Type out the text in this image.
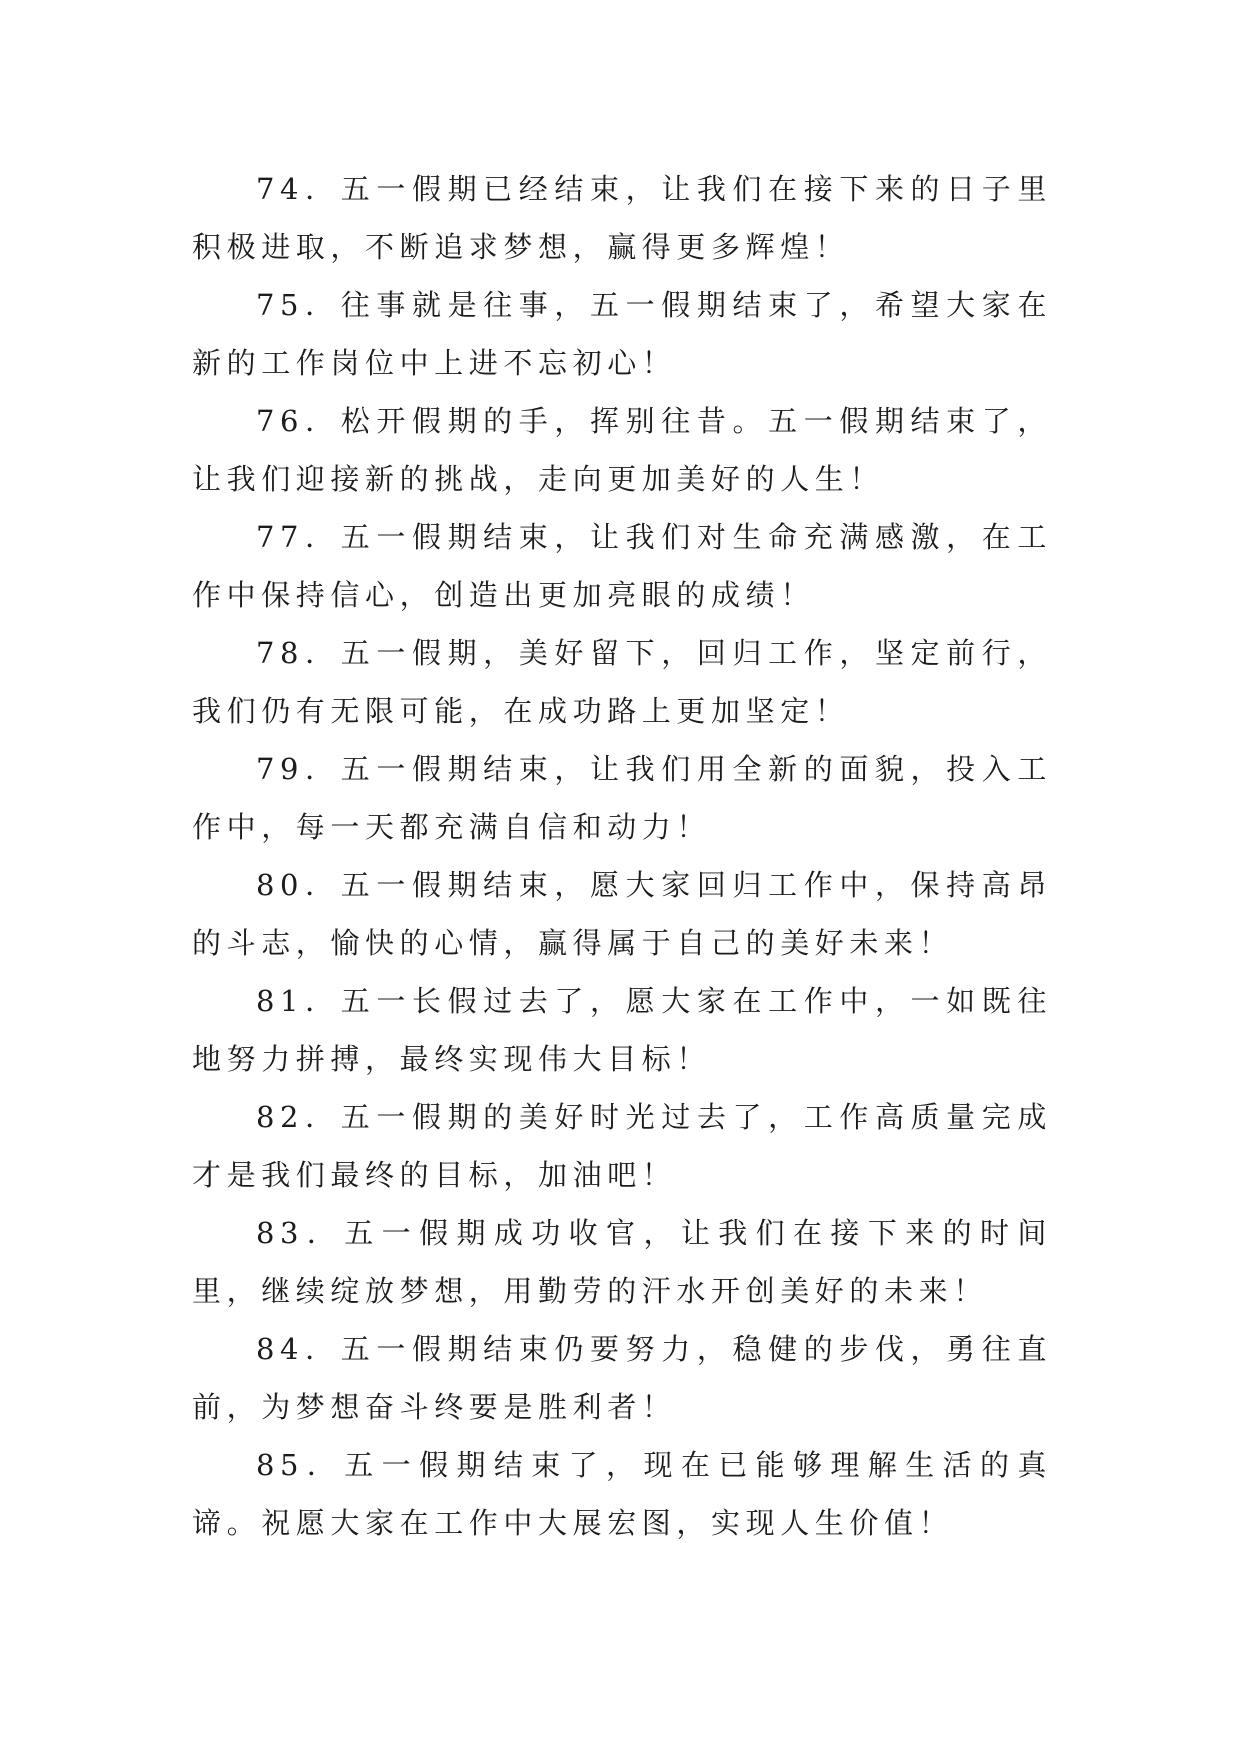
74．五一假期已经结束，让我们在接下来的日子里积极进取，不断追求梦想，赢得更多辉煌！

75．往事就是往事，五一假期结束了，希望大家在新的工作岗位中上进不忘初心！

76．松开假期的手，挥别往昔。五一假期结束了，让我们迎接新的挑战，走向更加美好的人生！

77．五一假期结束，让我们对生命充满感激，在工作中保持信心，创造出更加亮眼的成绩！

78．五一假期，美好留下，回归工作，坚定前行，我们仍有无限可能，在成功路上更加坚定！

79．五一假期结束，让我们用全新的面貌，投入工作中，每一天都充满自信和动力！

80．五一假期结束，愿大家回归工作中，保持高昂的斗志，愉快的心情，赢得属于自己的美好未来！

81．五一长假过去了，愿大家在工作中，一如既往地努力拼搏，最终实现伟大目标！

82．五一假期的美好时光过去了，工作高质量完成才是我们最终的目标，加油吧！

83．五一假期成功收官，让我们在接下来的时间里，继续绽放梦想，用勤劳的汗水开创美好的未来！

84．五一假期结束仍要努力，稳健的步伐，勇往直前，为梦想奋斗终要是胜利者！

85．五一假期结束了，现在已能够理解生活的真谛。祝愿大家在工作中大展宏图，实现人生价值！
